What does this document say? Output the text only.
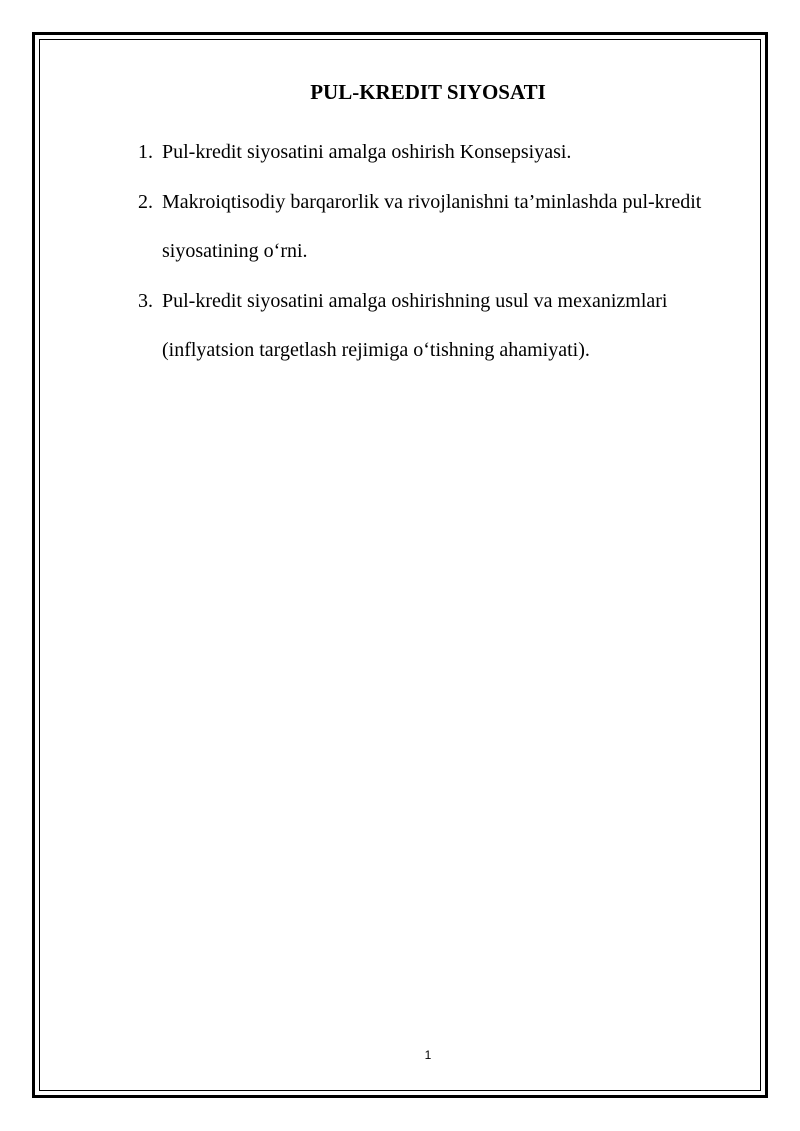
PUL-KREDIT SIYOSATI
1. Pul-kredit siyosatini amalga oshirish Konsepsiyasi.
2. Makroiqtisodiy barqarorlik va rivojlanishni ta’minlashda pul-kredit
siyosatining o‘rni.
3. Pul-kredit siyosatini amalga oshirishning usul va mexanizmlari
(inflyatsion targetlash rejimiga o‘tishning ahamiyati).
1
